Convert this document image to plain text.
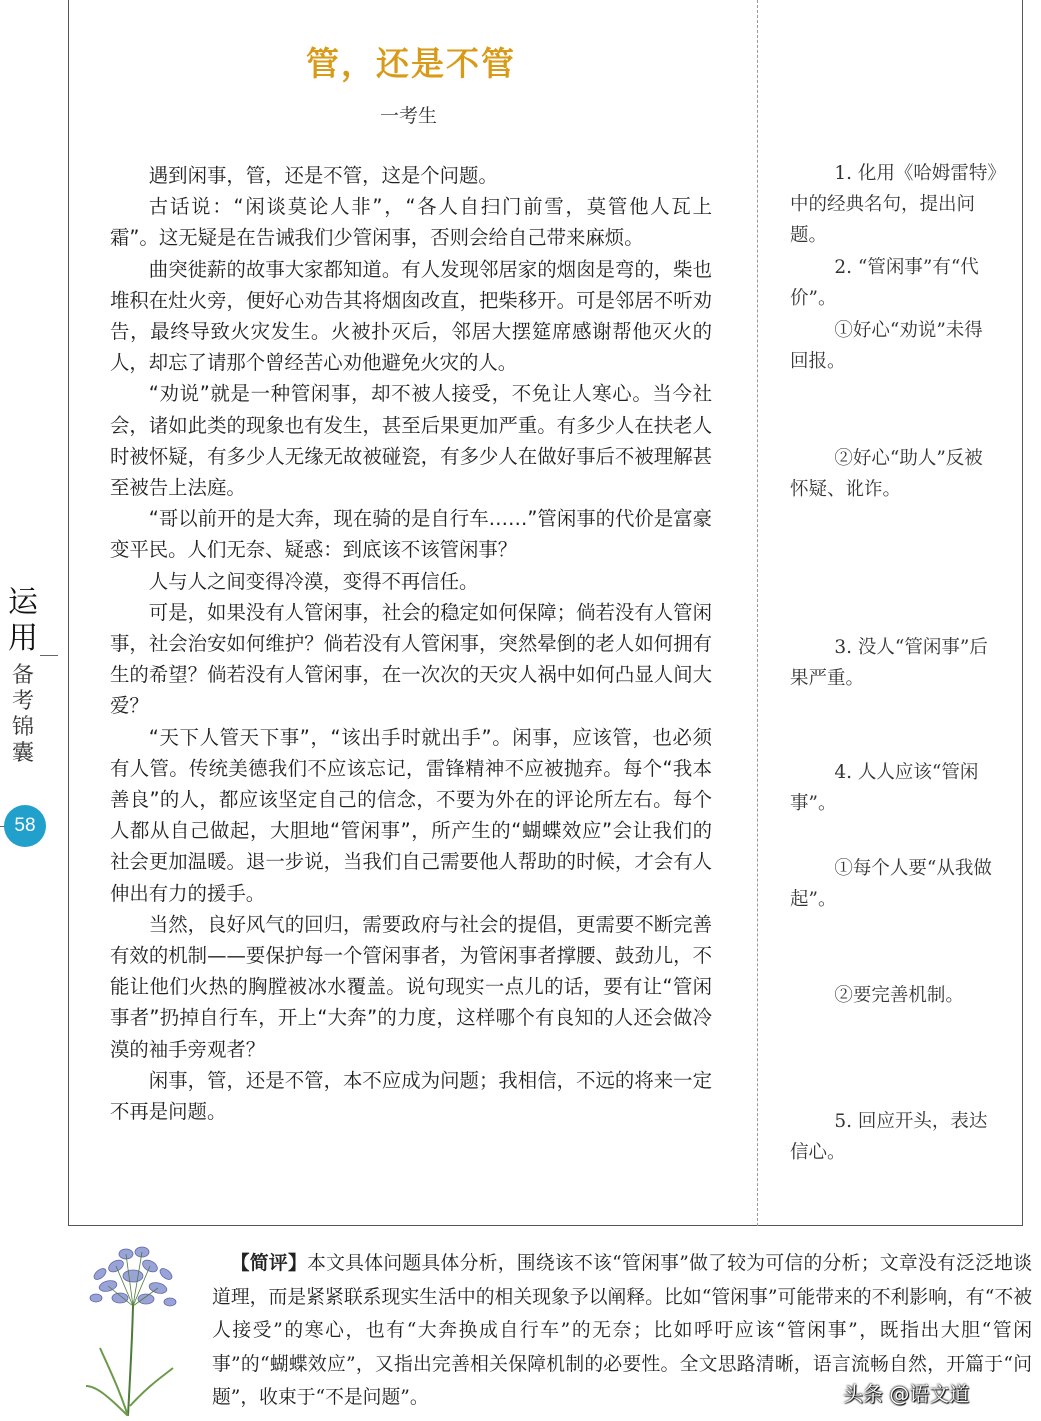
管，还是不管
一考生

遇到闲事，管，还是不管，这是个问题。

古话说：“闲谈莫论人非”，“各人自扫门前雪，莫管他人瓦上霜”。这无疑是在告诫我们少管闲事，否则会给自己带来麻烦。

曲突徙薪的故事大家都知道。有人发现邻居家的烟囱是弯的，柴也堆积在灶火旁，便好心劝告其将烟囱改直，把柴移开。可是邻居不听劝告，最终导致火灾发生。火被扑灭后，邻居大摆筵席感谢帮他灭火的人，却忘了请那个曾经苦心劝他避免火灾的人。

“劝说”就是一种管闲事，却不被人接受，不免让人寒心。当今社会，诸如此类的现象也有发生，甚至后果更加严重。有多少人在扶老人时被怀疑，有多少人无缘无故被碰瓷，有多少人在做好事后不被理解甚至被告上法庭。

“哥以前开的是大奔，现在骑的是自行车……”管闲事的代价是富豪变平民。人们无奈、疑惑：到底该不该管闲事？

人与人之间变得冷漠，变得不再信任。

可是，如果没有人管闲事，社会的稳定如何保障；倘若没有人管闲事，社会治安如何维护？倘若没有人管闲事，突然晕倒的老人如何拥有生的希望？倘若没有人管闲事，在一次次的天灾人祸中如何凸显人间大爱？

“天下人管天下事”，“该出手时就出手”。闲事，应该管，也必须有人管。传统美德我们不应该忘记，雷锋精神不应被抛弃。每个“我本善良”的人，都应该坚定自己的信念，不要为外在的评论所左右。每个人都从自己做起，大胆地“管闲事”，所产生的“蝴蝶效应”会让我们的社会更加温暖。退一步说，当我们自己需要他人帮助的时候，才会有人伸出有力的援手。

当然，良好风气的回归，需要政府与社会的提倡，更需要不断完善有效的机制——要保护每一个管闲事者，为管闲事者撑腰、鼓劲儿，不能让他们火热的胸膛被冰水覆盖。说句现实一点儿的话，要有让“管闲事者”扔掉自行车，开上“大奔”的力度，这样哪个有良知的人还会做冷漠的袖手旁观者？

闲事，管，还是不管，本不应成为问题；我相信，不远的将来一定不再是问题。

1. 化用《哈姆雷特》中的经典名句，提出问题。
2. “管闲事”有“代价”。
①好心“劝说”未得回报。
②好心“助人”反被怀疑、讹诈。
3. 没人“管闲事”后果严重。
4. 人人应该“管闲事”。
①每个人要“从我做起”。
②要完善机制。
5. 回应开头，表达信心。
运用
备考锦囊
58
【简评】本文具体问题具体分析，围绕该不该“管闲事”做了较为可信的分析；文章没有泛泛地谈道理，而是紧紧联系现实生活中的相关现象予以阐释。比如“管闲事”可能带来的不利影响，有“不被人接受”的寒心，也有“大奔换成自行车”的无奈；比如呼吁应该“管闲事”，既指出大胆“管闲事”的“蝴蝶效应”，又指出完善相关保障机制的必要性。全文思路清晰，语言流畅自然，开篇于“问题”，收束于“不是问题”。	头条 @语文道
